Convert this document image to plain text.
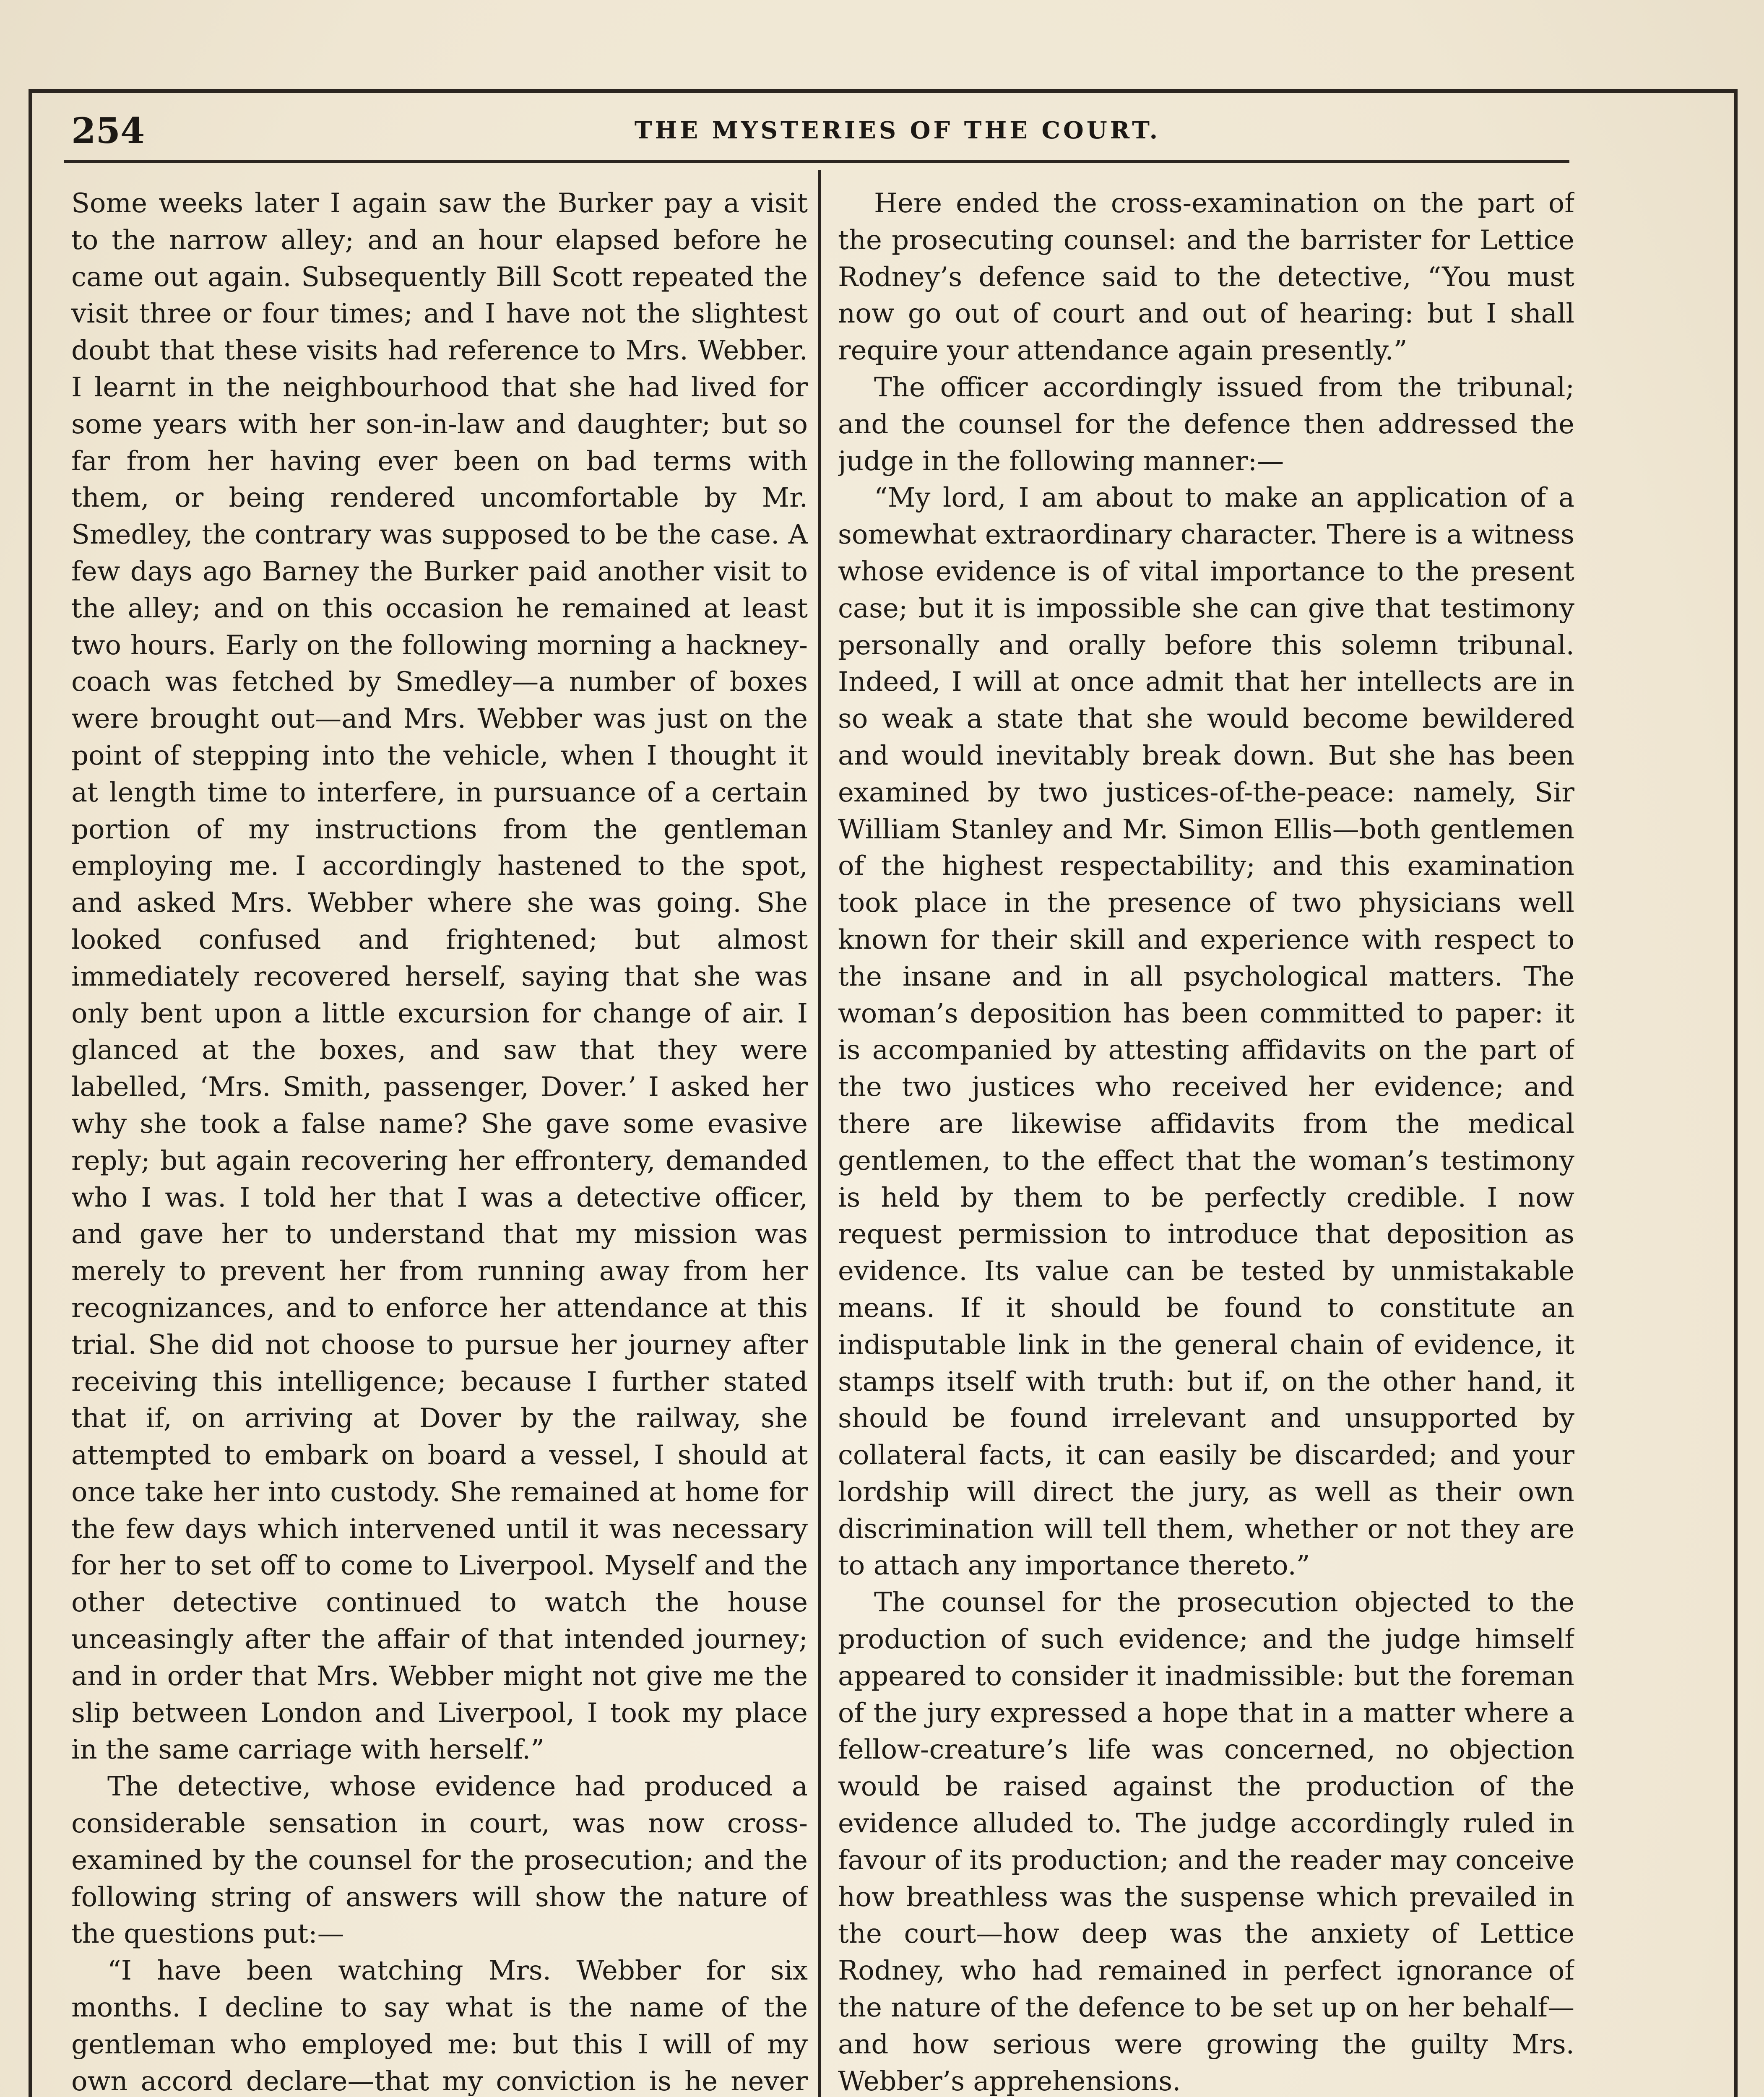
254	THE MYSTERIES OF THE COURT.

Some weeks later I again saw the Burker pay a visit to the narrow alley; and an hour elapsed before he came out again. Subsequently Bill Scott repeated the visit three or four times; and I have not the slightest doubt that these visits had reference to Mrs. Webber. I learnt in the neighbourhood that she had lived for some years with her son-in-law and daughter; but so far from her having ever been on bad terms with them, or being rendered uncomfortable by Mr. Smedley, the contrary was supposed to be the case. A few days ago Barney the Burker paid another visit to the alley; and on this occasion he remained at least two hours. Early on the following morning a hackney-coach was fetched by Smedley—a number of boxes were brought out—and Mrs. Webber was just on the point of stepping into the vehicle, when I thought it at length time to interfere, in pursuance of a certain portion of my instructions from the gentleman employing me. I accordingly hastened to the spot, and asked Mrs. Webber where she was going. She looked confused and frightened; but almost immediately recovered herself, saying that she was only bent upon a little excursion for change of air. I glanced at the boxes, and saw that they were labelled, ‘Mrs. Smith, passenger, Dover.’ I asked her why she took a false name? She gave some evasive reply; but again recovering her effrontery, demanded who I was. I told her that I was a detective officer, and gave her to understand that my mission was merely to prevent her from running away from her recognizances, and to enforce her attendance at this trial. She did not choose to pursue her journey after receiving this intelligence; because I further stated that if, on arriving at Dover by the railway, she attempted to embark on board a vessel, I should at once take her into custody. She remained at home for the few days which intervened until it was necessary for her to set off to come to Liverpool. Myself and the other detective continued to watch the house unceasingly after the affair of that intended journey; and in order that Mrs. Webber might not give me the slip between London and Liverpool, I took my place in the same carriage with herself.”

The detective, whose evidence had produced a considerable sensation in court, was now cross-examined by the counsel for the prosecution; and the following string of answers will show the nature of the questions put:—

“I have been watching Mrs. Webber for six months. I decline to say what is the name of the gentleman who employed me: but this I will of my own accord declare—that my conviction is he never

Here ended the cross-examination on the part of the prosecuting counsel: and the barrister for Lettice Rodney’s defence said to the detective, “You must now go out of court and out of hearing: but I shall require your attendance again presently.”

The officer accordingly issued from the tribunal; and the counsel for the defence then addressed the judge in the following manner:—

“My lord, I am about to make an application of a somewhat extraordinary character. There is a witness whose evidence is of vital importance to the present case; but it is impossible she can give that testimony personally and orally before this solemn tribunal. Indeed, I will at once admit that her intellects are in so weak a state that she would become bewildered and would inevitably break down. But she has been examined by two justices-of-the-peace: namely, Sir William Stanley and Mr. Simon Ellis—both gentlemen of the highest respectability; and this examination took place in the presence of two physicians well known for their skill and experience with respect to the insane and in all psychological matters. The woman’s deposition has been committed to paper: it is accompanied by attesting affidavits on the part of the two justices who received her evidence; and there are likewise affidavits from the medical gentlemen, to the effect that the woman’s testimony is held by them to be perfectly credible. I now request permission to introduce that deposition as evidence. Its value can be tested by unmistakable means. If it should be found to constitute an indisputable link in the general chain of evidence, it stamps itself with truth: but if, on the other hand, it should be found irrelevant and unsupported by collateral facts, it can easily be discarded; and your lordship will direct the jury, as well as their own discrimination will tell them, whether or not they are to attach any importance thereto.”

The counsel for the prosecution objected to the production of such evidence; and the judge himself appeared to consider it inadmissible: but the foreman of the jury expressed a hope that in a matter where a fellow-creature’s life was concerned, no objection would be raised against the production of the evidence alluded to. The judge accordingly ruled in favour of its production; and the reader may conceive how breathless was the suspense which prevailed in the court—how deep was the anxiety of Lettice Rodney, who had remained in perfect ignorance of the nature of the defence to be set up on her behalf—and how serious were growing the guilty Mrs. Webber’s apprehensions.
